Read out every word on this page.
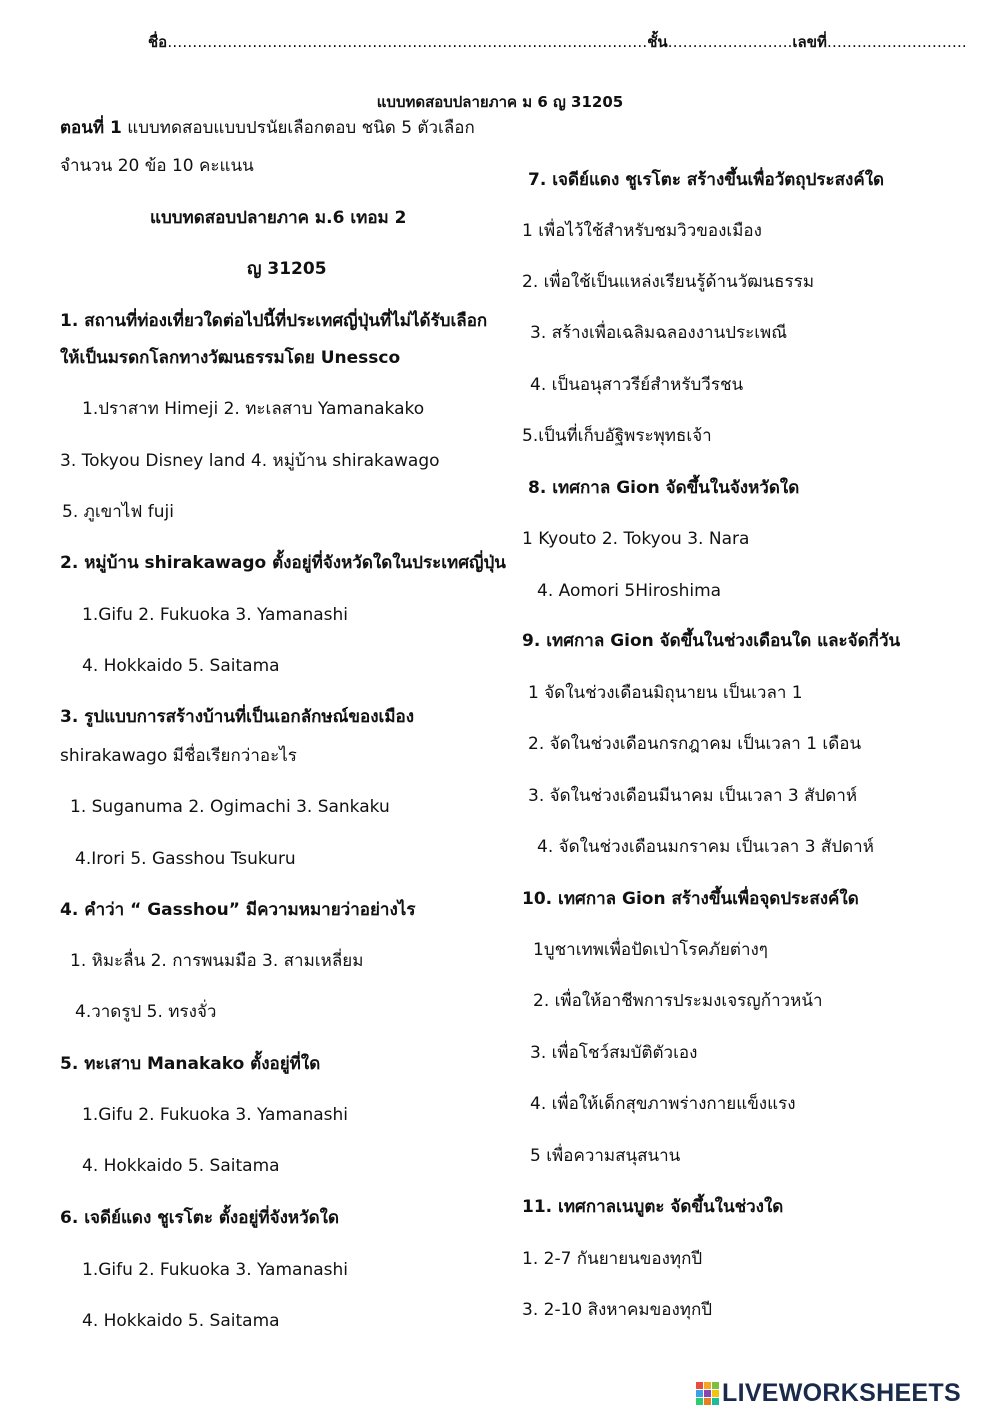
ชื่อ……………………………………………………………………………………ชั้น…………………….เลขที่……………………….
แบบทดสอบปลายภาค ม 6 ญ 31205
ตอนที่ 1 แบบทดสอบแบบปรนัยเลือกตอบ ชนิด 5 ตัวเลือก
จำนวน 20 ข้อ 10 คะแนน
แบบทดสอบปลายภาค ม.6 เทอม 2
ญ 31205
1. สถานที่ท่องเที่ยวใดต่อไปนี้ที่ประเทศญี่ปุ่นที่ไม่ได้รับเลือก
ให้เป็นมรดกโลกทางวัฒนธรรมโดย Unessco
1.ปราสาท Himeji 2. ทะเลสาบ Yamanakako
3. Tokyou Disney land 4. หมู่บ้าน shirakawago
5. ภูเขาไฟ fuji
2. หมู่บ้าน shirakawago ตั้งอยู่ที่จังหวัดใดในประเทศญี่ปุ่น
1.Gifu 2. Fukuoka 3. Yamanashi
4. Hokkaido 5. Saitama
3. รูปแบบการสร้างบ้านที่เป็นเอกลักษณ์ของเมือง
shirakawago มีชื่อเรียกว่าอะไร
1. Suganuma 2. Ogimachi 3. Sankaku
4.Irori 5. Gasshou Tsukuru
4. คำว่า “ Gasshou” มีความหมายว่าอย่างไร
1. หิมะลื่น 2. การพนมมือ 3. สามเหลี่ยม
4.วาดรูป 5. ทรงจั่ว
5. ทะเสาบ Manakako ตั้งอยู่ที่ใด
1.Gifu 2. Fukuoka 3. Yamanashi
4. Hokkaido 5. Saitama
6. เจดีย์แดง ชูเรโตะ ตั้งอยู่ที่จังหวัดใด
1.Gifu 2. Fukuoka 3. Yamanashi
4. Hokkaido 5. Saitama
7. เจดีย์แดง ชูเรโตะ สร้างขึ้นเพื่อวัตถุประสงค์ใด
1 เพื่อไว้ใช้สำหรับชมวิวของเมือง
2. เพื่อใช้เป็นแหล่งเรียนรู้ด้านวัฒนธรรม
3. สร้างเพื่อเฉลิมฉลองงานประเพณี
4. เป็นอนุสาวรีย์สำหรับวีรชน
5.เป็นที่เก็บอัฐิพระพุทธเจ้า
8. เทศกาล Gion จัดขึ้นในจังหวัดใด
1 Kyouto 2. Tokyou 3. Nara
4. Aomori 5Hiroshima
9. เทศกาล Gion จัดขึ้นในช่วงเดือนใด และจัดกี่วัน
1 จัดในช่วงเดือนมิถุนายน เป็นเวลา 1
2. จัดในช่วงเดือนกรกฎาคม เป็นเวลา 1 เดือน
3. จัดในช่วงเดือนมีนาคม เป็นเวลา 3 สัปดาห์
4. จัดในช่วงเดือนมกราคม เป็นเวลา 3 สัปดาห์
10. เทศกาล Gion สร้างขึ้นเพื่อจุดประสงค์ใด
1บูชาเทพเพื่อปัดเป่าโรคภัยต่างๆ
2. เพื่อให้อาชีพการประมงเจรญก้าวหน้า
3. เพื่อโชว์สมบัติตัวเอง
4. เพื่อให้เด็กสุขภาพร่างกายแข็งแรง
5 เพื่อความสนุสนาน
11. เทศกาลเนบูตะ จัดขึ้นในช่วงใด
1. 2-7 กันยายนของทุกปี
3. 2-10 สิงหาคมของทุกปี
LIVEWORKSHEETS
